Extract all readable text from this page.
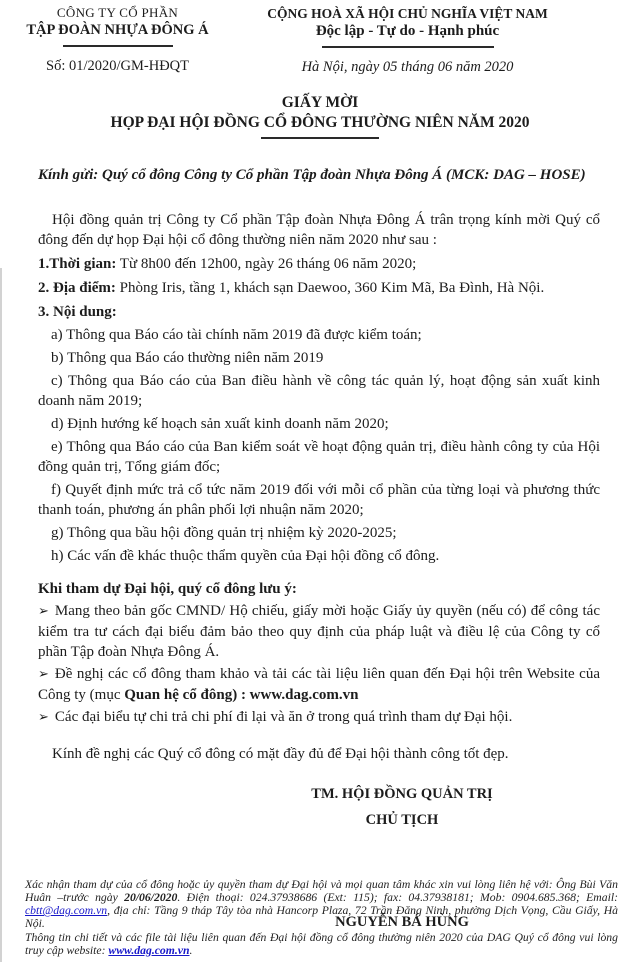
CÔNG TY CỔ PHẦN
TẬP ĐOÀN NHỰA ĐÔNG Á
Số: 01/2020/GM-HĐQT
CỘNG HOÀ XÃ HỘI CHỦ NGHĨA VIỆT NAM
Độc lập - Tự do - Hạnh phúc
Hà Nội, ngày 05 tháng 06 năm 2020
GIẤY MỜI
HỌP ĐẠI HỘI ĐỒNG CỔ ĐÔNG THƯỜNG NIÊN NĂM 2020
Kính gửi: Quý cổ đông Công ty Cổ phần Tập đoàn Nhựa Đông Á (MCK: DAG – HOSE)

Hội đồng quản trị Công ty Cổ phần Tập đoàn Nhựa Đông Á trân trọng kính mời Quý cổ đông đến dự họp Đại hội cổ đông thường niên năm 2020 như sau :

1.Thời gian: Từ 8h00 đến 12h00, ngày 26 tháng 06 năm 2020;

2. Địa điểm: Phòng Iris, tầng 1, khách sạn Daewoo, 360 Kim Mã, Ba Đình, Hà Nội.

3. Nội dung:

a) Thông qua Báo cáo tài chính năm 2019 đã được kiểm toán;

b) Thông qua Báo cáo thường niên năm 2019

c) Thông qua Báo cáo của Ban điều hành về công tác quản lý, hoạt động sản xuất kinh doanh năm 2019;

d) Định hướng kế hoạch sản xuất kinh doanh năm 2020;

e) Thông qua Báo cáo của Ban kiểm soát về hoạt động quản trị, điều hành công ty của Hội đồng quản trị, Tổng giám đốc;

f) Quyết định mức trả cổ tức năm 2019 đối với mỗi cổ phần của từng loại và phương thức thanh toán, phương án phân phối lợi nhuận năm 2020;

g) Thông qua bầu hội đồng quản trị nhiệm kỳ 2020-2025;

h) Các vấn đề khác thuộc thẩm quyền của Đại hội đồng cổ đông.

Khi tham dự Đại hội, quý cổ đông lưu ý:

➢ Mang theo bản gốc CMND/ Hộ chiếu, giấy mời hoặc Giấy ủy quyền (nếu có) để công tác kiểm tra tư cách đại biểu đảm bảo theo quy định của pháp luật và điều lệ của Công ty cổ phần Tập đoàn Nhựa Đông Á.

➢ Đề nghị các cổ đông tham khảo và tải các tài liệu liên quan đến Đại hội trên Website của Công ty (mục Quan hệ cổ đông) : www.dag.com.vn

➢ Các đại biểu tự chi trả chi phí đi lại và ăn ở trong quá trình tham dự Đại hội.

Kính đề nghị các Quý cổ đông có mặt đầy đủ để Đại hội thành công tốt đẹp.

TM. HỘI ĐỒNG QUẢN TRỊ
CHỦ TỊCH
NGUYỄN BÁ HÙNG

Xác nhận tham dự của cổ đông hoặc ủy quyền tham dự Đại hội và mọi quan tâm khác xin vui lòng liên hệ với: Ông Bùi Văn Huân –trước ngày 20/06/2020. Điện thoại: 024.37938686 (Ext: 115); fax: 04.37938181; Mob: 0904.685.368; Email: cbtt@dag.com.vn, địa chỉ: Tầng 9 tháp Tây tòa nhà Hancorp Plaza, 72 Trần Đăng Ninh, phường Dịch Vọng, Cầu Giấy, Hà Nội.

Thông tin chi tiết và các file tài liệu liên quan đến Đại hội đồng cổ đông thường niên 2020 của DAG Quý cổ đông vui lòng truy cập website: www.dag.com.vn.
